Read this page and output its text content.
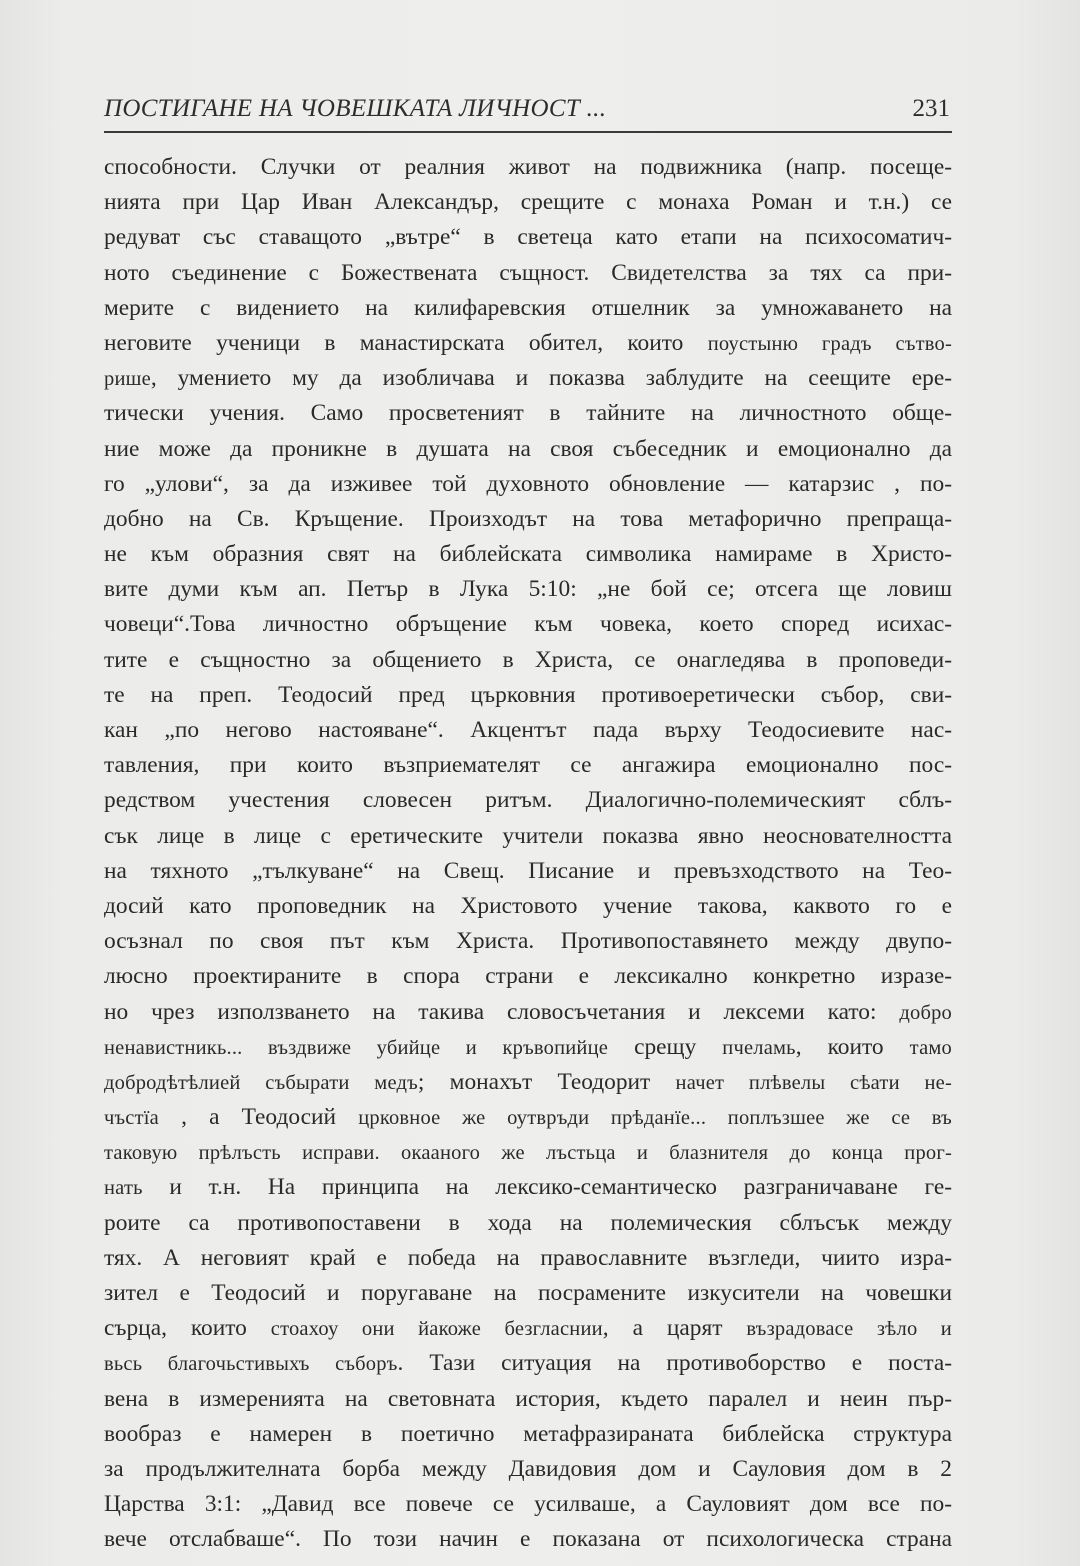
ПОСТИГАНЕ НА ЧОВЕШКАТА ЛИЧНОСТ ...	231
способности. Случки от реалния живот на подвижника (напр. посеще-
нията при Цар Иван Александър, срещите с монаха Роман и т.н.) се
редуват със ставащото „вътре“ в светеца като етапи на психосоматич-
ното съединение с Божествената същност. Свидетелства за тях са при-
мерите с видението на килифаревския отшелник за умножаването на
неговите ученици в манастирската обител, които поустыню градъ сътво-
рише, умението му да изобличава и показва заблудите на сеещите ере-
тически учения. Само просветеният в тайните на личностното обще-
ние може да проникне в душата на своя събеседник и емоционално да
го „улови“, за да изживее той духовното обновление — катарзис , по-
добно на Св. Кръщение. Произходът на това метафорично препраща-
не към образния свят на библейската символика намираме в Христо-
вите думи към ап. Петър в Лука 5:10: „не бой се; отсега ще ловиш
човеци“.Това личностно обръщение към човека, което според исихас-
тите е същностно за общението в Христа, се онагледява в проповеди-
те на преп. Теодосий пред църковния противоеретически събор, сви-
кан „по негово настояване“. Акцентът пада върху Теодосиевите нас-
тавления, при които възприемателят се ангажира емоционално пос-
редством учестения словесен ритъм. Диалогично-полемическият сблъ-
сък лице в лице с еретическите учители показва явно неоснователността
на тяхното „тълкуване“ на Свещ. Писание и превъзходството на Тео-
досий като проповедник на Христовото учение такова, каквото го е
осъзнал по своя път към Христа. Противопоставянето между двупо-
люсно проектираните в спора страни е лексикално конкретно изразе-
но чрез използването на такива словосъчетания и лексеми като: добро
ненавистникь... въздвиже убийце и кръвопийце срещу пчеламь, които тамо
добродѣтѣлией събырати медъ; монахът Теодорит начет плѣвелы сѣати не-
чъстїа , а Теодосий црковное же оутвръди прѣданїе... поплъзшее же се въ
таковую прѣлъсть исправи. окааного же лъстьца и блазнителя до конца прог-
нать и т.н. На принципа на лексико-семантическо разграничаване ге-
роите са противопоставени в хода на полемическия сблъсък между
тях. А неговият край е победа на православните възгледи, чиито изра-
зител е Теодосий и поругаване на посрамените изкусители на човешки
сърца, които стоахоу они йакоже безгласнии, а царят възрадовасе зѣло и
вьсь благочьстивыхъ съборъ. Тази ситуация на противоборство е поста-
вена в измеренията на световната история, където паралел и неин пър-
вообраз е намерен в поетично метафразираната библейска структура
за продължителната борба между Давидовия дом и Сауловия дом в 2
Царства 3:1: „Давид все повече се усилваше, а Сауловият дом все по-
вече отслабваше“. По този начин е показана от психологическа страна
